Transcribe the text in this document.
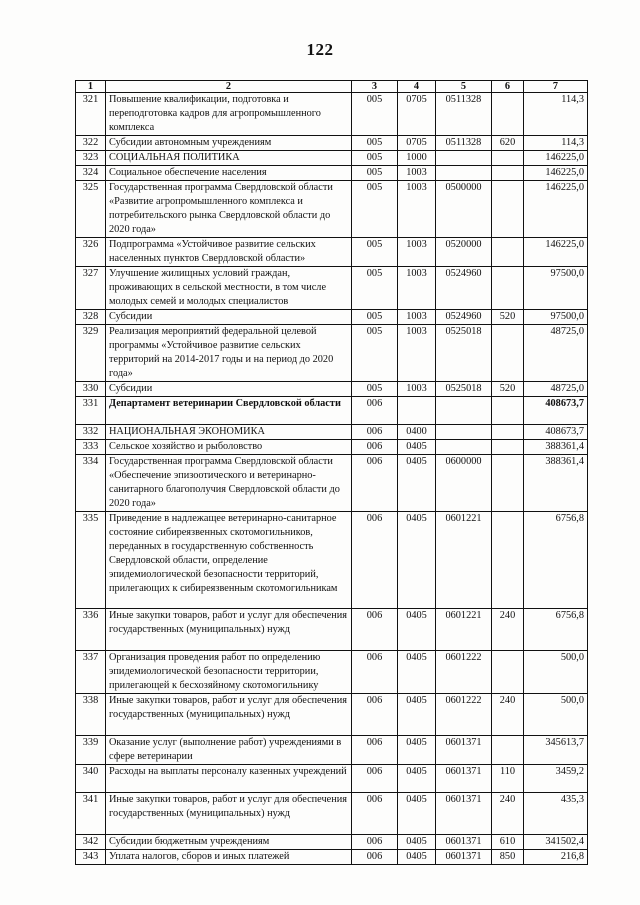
122
1	2	3	4	5	6	7
321	Повышение квалификации, подготовка и переподготовка кадров для агропромышленного комплекса	005	0705	0511328		114,3
322	Субсидии автономным учреждениям	005	0705	0511328	620	114,3
323	СОЦИАЛЬНАЯ ПОЛИТИКА	005	1000			146225,0
324	Социальное обеспечение населения	005	1003			146225,0
325	Государственная программа Свердловской области «Развитие агропромышленного комплекса и потребительского рынка Свердловской области до 2020 года»	005	1003	0500000		146225,0
326	Подпрограмма «Устойчивое развитие сельских населенных пунктов Свердловской области»	005	1003	0520000		146225,0
327	Улучшение жилищных условий граждан, проживающих в сельской местности, в том числе молодых семей и молодых специалистов	005	1003	0524960		97500,0
328	Субсидии	005	1003	0524960	520	97500,0
329	Реализация мероприятий федеральной целевой программы «Устойчивое развитие сельских территорий на 2014-2017 годы и на период до 2020 года»	005	1003	0525018		48725,0
330	Субсидии	005	1003	0525018	520	48725,0
331	Департамент ветеринарии Свердловской области	006				408673,7
332	НАЦИОНАЛЬНАЯ ЭКОНОМИКА	006	0400			408673,7
333	Сельское хозяйство и рыболовство	006	0405			388361,4
334	Государственная программа Свердловской области «Обеспечение эпизоотического и ветеринарно-санитарного благополучия Свердловской области до 2020 года»	006	0405	0600000		388361,4
335	Приведение в надлежащее ветеринарно-санитарное состояние сибиреязвенных скотомогильников, переданных в государственную собственность Свердловской области, определение эпидемиологической безопасности территорий, прилегающих к сибиреязвенным скотомогильникам	006	0405	0601221		6756,8
336	Иные закупки товаров, работ и услуг для обеспечения государственных (муниципальных) нужд	006	0405	0601221	240	6756,8
337	Организация проведения работ по определению эпидемиологической безопасности территории, прилегающей к бесхозяйному скотомогильнику	006	0405	0601222		500,0
338	Иные закупки товаров, работ и услуг для обеспечения государственных (муниципальных) нужд	006	0405	0601222	240	500,0
339	Оказание услуг (выполнение работ) учреждениями в сфере ветеринарии	006	0405	0601371		345613,7
340	Расходы на выплаты персоналу казенных учреждений	006	0405	0601371	110	3459,2
341	Иные закупки товаров, работ и услуг для обеспечения государственных (муниципальных) нужд	006	0405	0601371	240	435,3
342	Субсидии бюджетным учреждениям	006	0405	0601371	610	341502,4
343	Уплата налогов, сборов и иных платежей	006	0405	0601371	850	216,8
